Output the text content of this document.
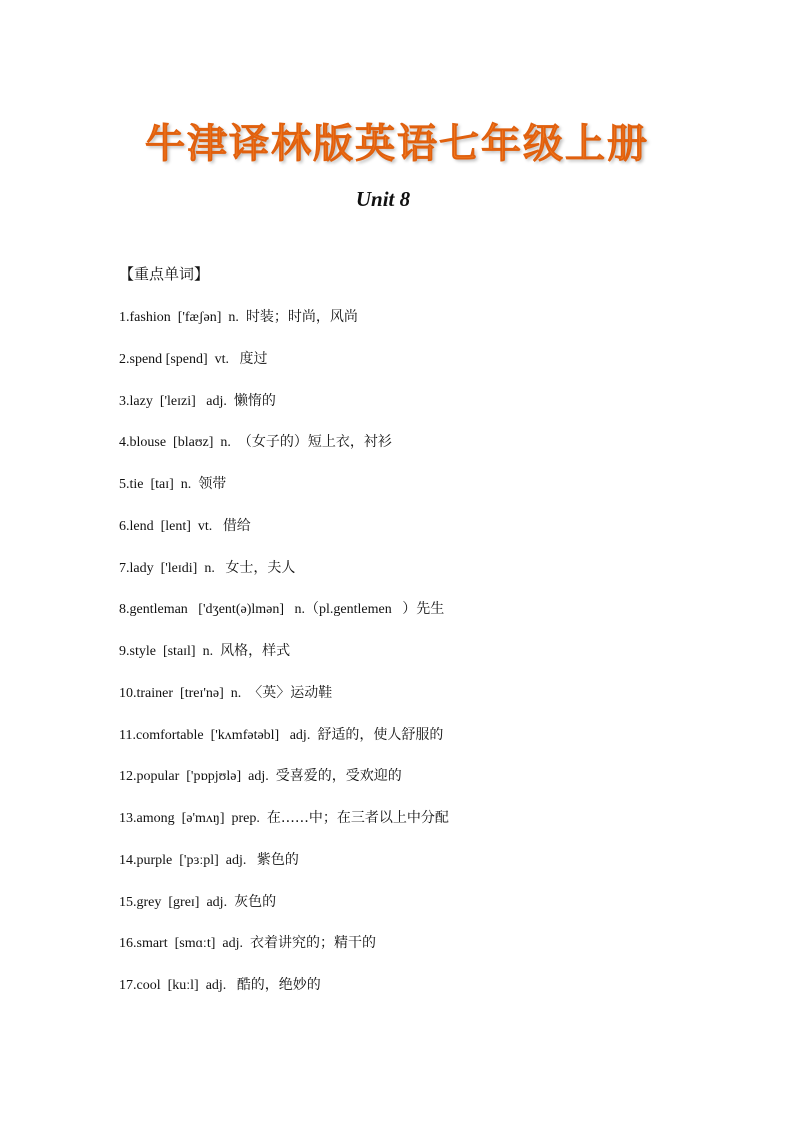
牛津译林版英语七年级上册
Unit 8
【重点单词】
1.fashion  ['fæʃən]  n.  时装；时尚，风尚
2.spend [spend]  vt.   度过
3.lazy  ['leɪzi]   adj.  懒惰的
4.blouse  [blaʊz]  n.  （女子的）短上衣，衬衫
5.tie  [taɪ]  n.  领带
6.lend  [lent]  vt.   借给
7.lady  ['leɪdi]  n.   女士，夫人
8.gentleman   ['dʒent(ə)lmən]   n.（pl.gentlemen   ）先生
9.style  [staɪl]  n.  风格，样式
10.trainer  [treɪ'nə]  n.  〈英〉运动鞋
11.comfortable  ['kʌmfətəbl]   adj.  舒适的，使人舒服的
12.popular  ['pɒpjʊlə]  adj.  受喜爱的，受欢迎的
13.among  [ə'mʌŋ]  prep.  在……中；在三者以上中分配
14.purple  ['pɜːpl]  adj.   紫色的
15.grey  [greɪ]  adj.  灰色的
16.smart  [smɑːt]  adj.  衣着讲究的；精干的
17.cool  [kuːl]  adj.   酷的，绝妙的
